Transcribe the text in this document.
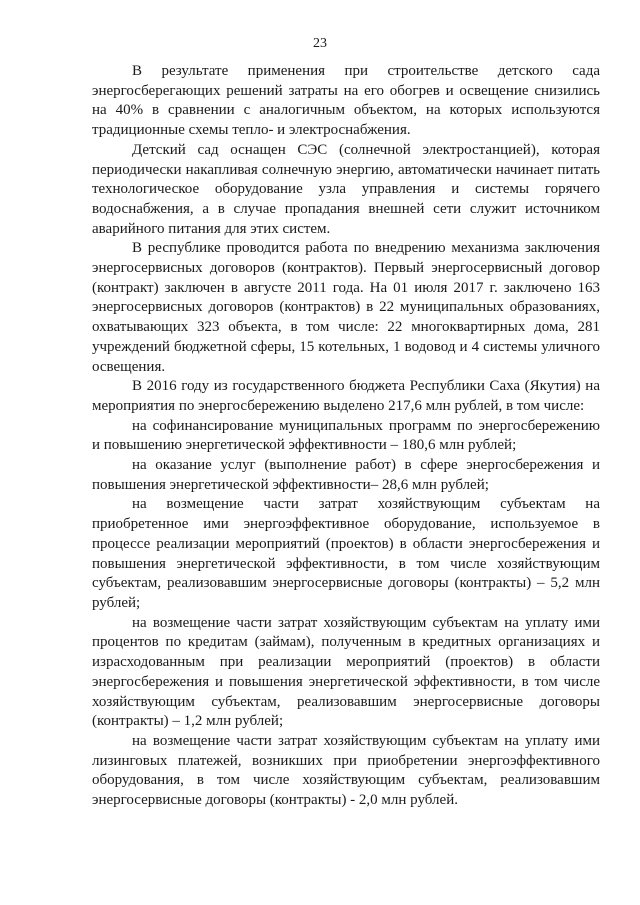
23

В результате применения при строительстве детского сада энергосберегающих решений затраты на его обогрев и освещение снизились на 40% в сравнении с аналогичным объектом, на которых используются традиционные схемы тепло- и электроснабжения.

Детский сад оснащен СЭС (солнечной электростанцией), которая периодически накапливая солнечную энергию, автоматически начинает питать технологическое оборудование узла управления и системы горячего водоснабжения, а в случае пропадания внешней сети служит источником аварийного питания для этих систем.

В республике проводится работа по внедрению механизма заключения энергосервисных договоров (контрактов). Первый энергосервисный договор (контракт) заключен в августе 2011 года. На 01 июля 2017 г. заключено 163 энергосервисных договоров (контрактов) в 22 муниципальных образованиях, охватывающих 323 объекта, в том числе: 22 многоквартирных дома, 281 учреждений бюджетной сферы, 15 котельных, 1 водовод и 4 системы уличного освещения.

В 2016 году из государственного бюджета Республики Саха (Якутия) на мероприятия по энергосбережению выделено 217,6 млн рублей, в том числе:

на софинансирование муниципальных программ по энергосбережению и повышению энергетической эффективности – 180,6 млн рублей;

на оказание услуг (выполнение работ) в сфере энергосбережения и повышения энергетической эффективности– 28,6 млн рублей;

на возмещение части затрат хозяйствующим субъектам на приобретенное ими энергоэффективное оборудование, используемое в процессе реализации мероприятий (проектов) в области энергосбережения и повышения энергетической эффективности, в том числе хозяйствующим субъектам, реализовавшим энергосервисные договоры (контракты) – 5,2 млн рублей;

на возмещение части затрат хозяйствующим субъектам на уплату ими процентов по кредитам (займам), полученным в кредитных организациях и израсходованным при реализации мероприятий (проектов) в области энергосбережения и повышения энергетической эффективности, в том числе хозяйствующим субъектам, реализовавшим энергосервисные договоры (контракты) – 1,2 млн рублей;

на возмещение части затрат хозяйствующим субъектам на уплату ими лизинговых платежей, возникших при приобретении энергоэффективного оборудования, в том числе хозяйствующим субъектам, реализовавшим энергосервисные договоры (контракты) - 2,0 млн рублей.
